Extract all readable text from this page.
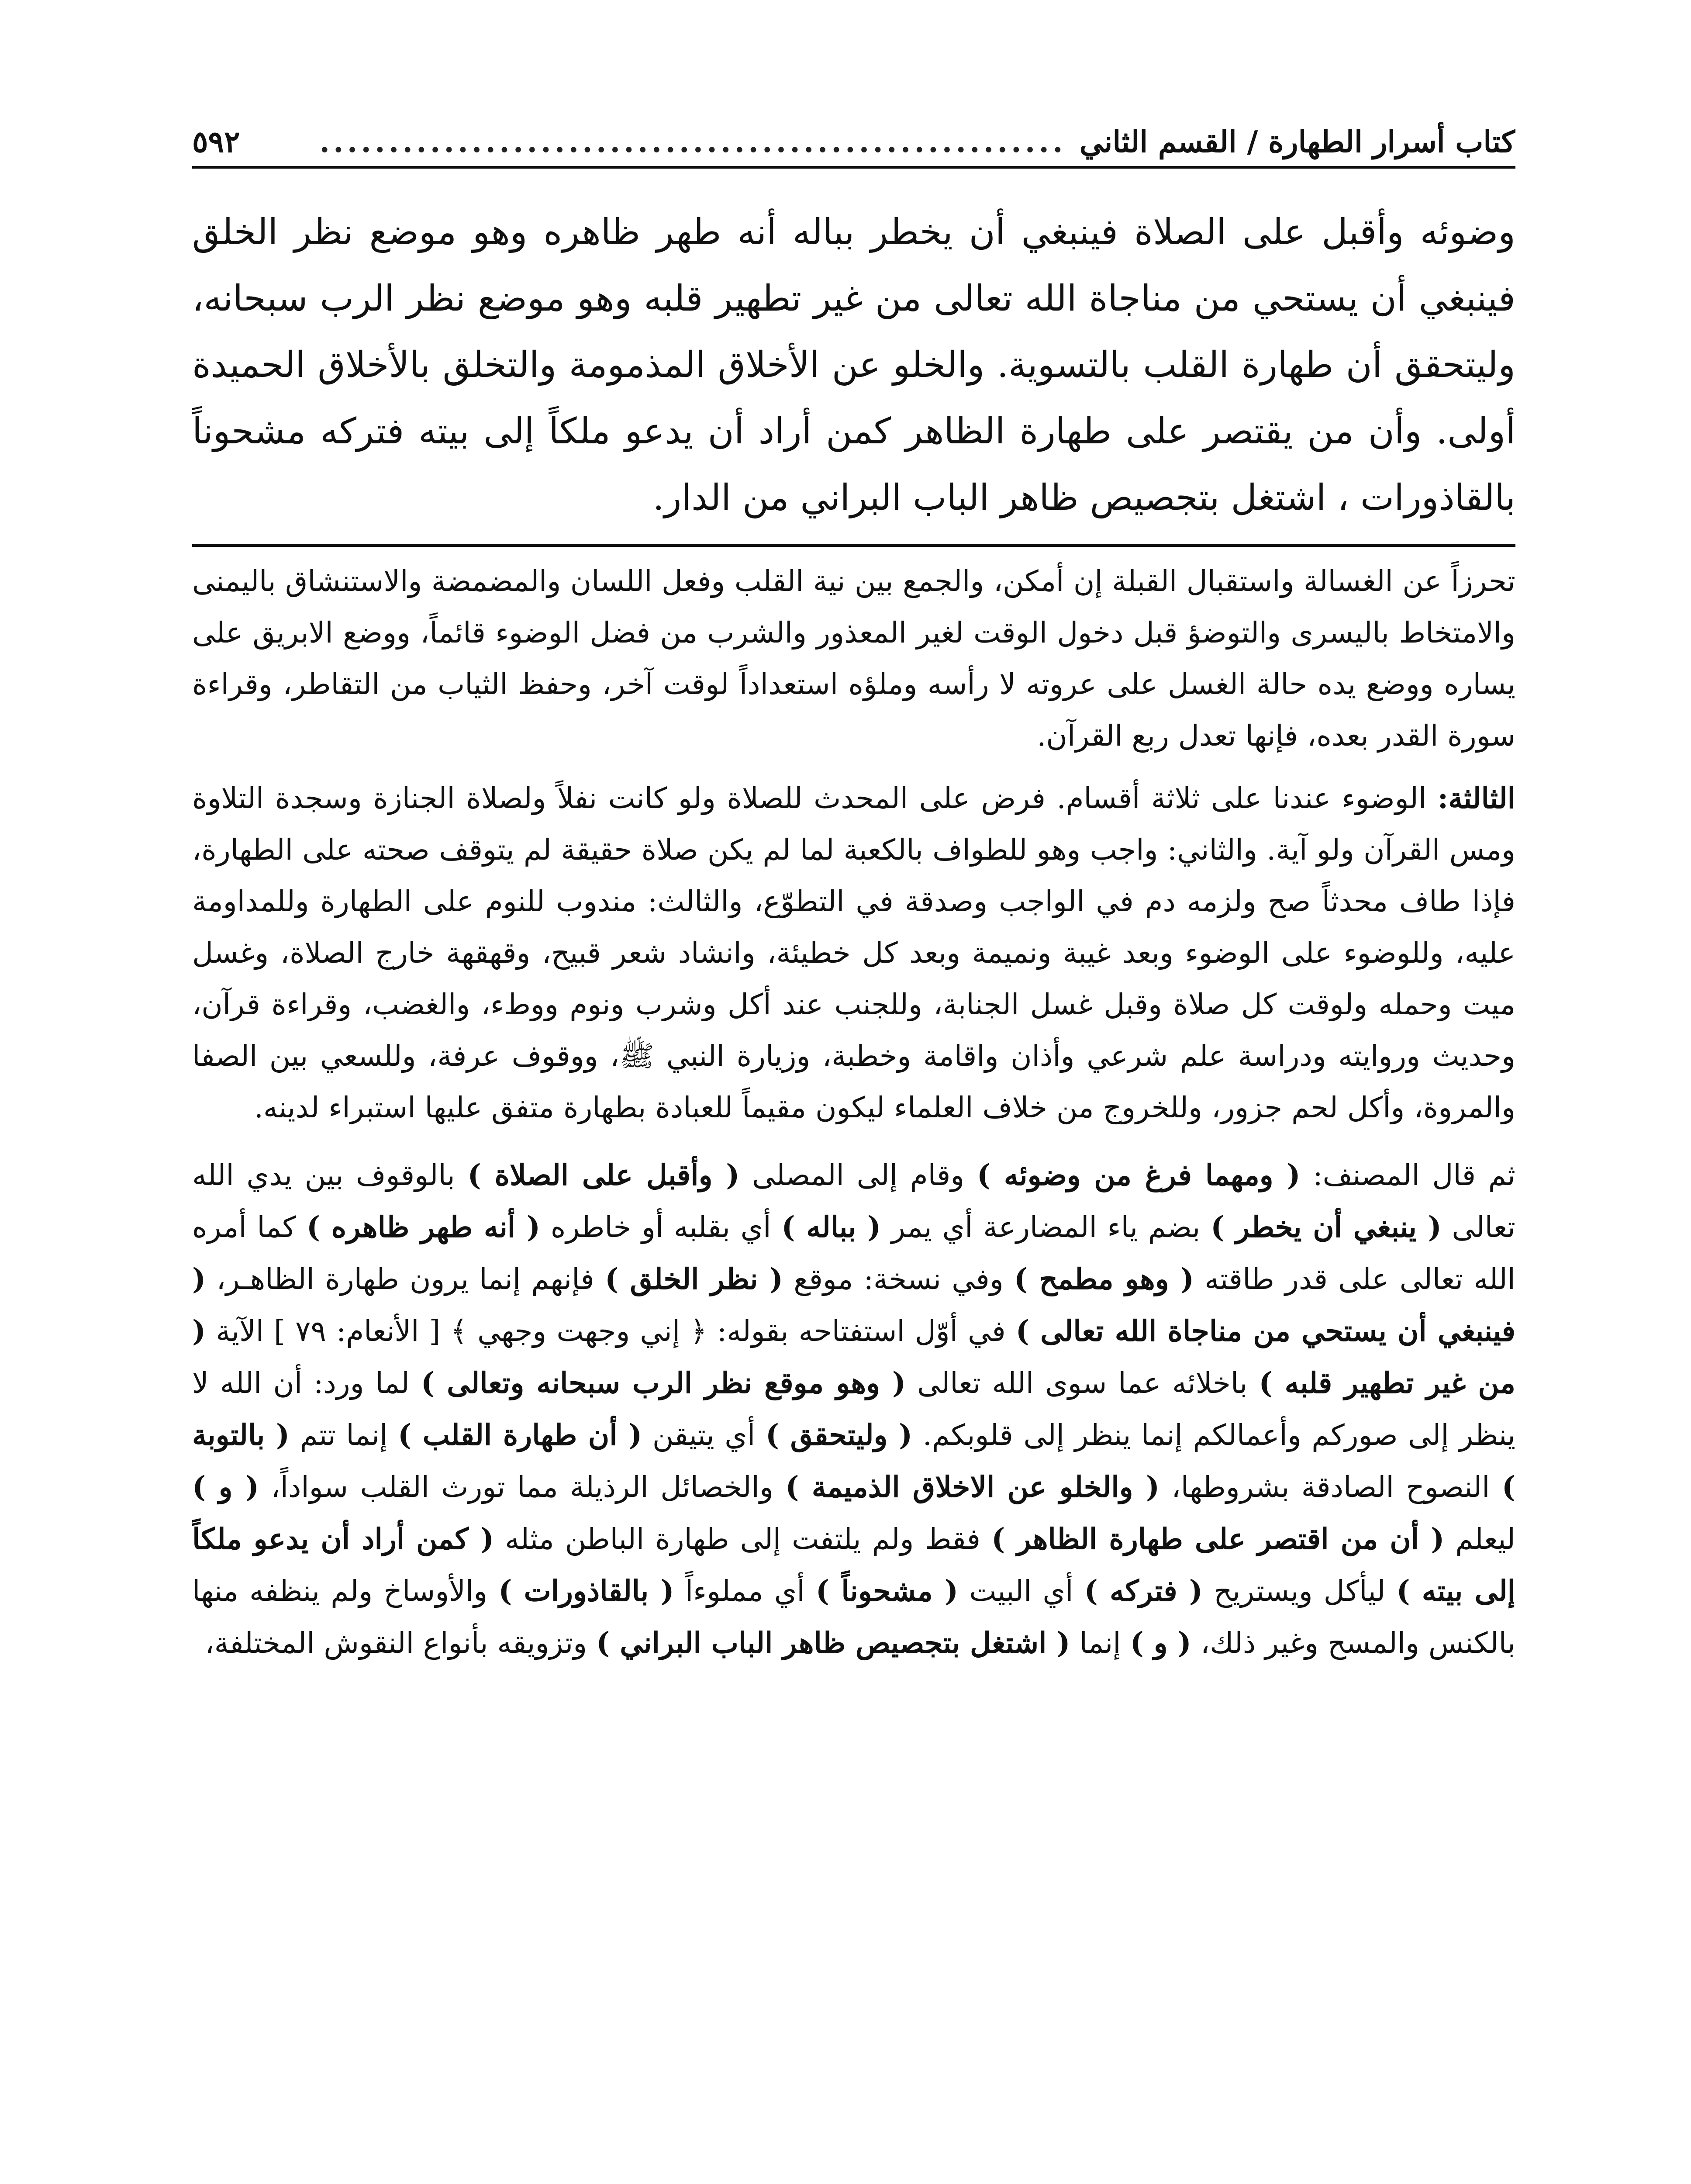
٥٩٢	...................................................... كتاب أسرار الطهارة / القسم الثاني

وضوئه وأقبل على الصلاة فينبغي أن يخطر بباله أنه طهر ظاهره وهو موضع نظر الخلق فينبغي أن يستحي من مناجاة الله تعالى من غير تطهير قلبه وهو موضع نظر الرب سبحانه، وليتحقق أن طهارة القلب بالتسوية. والخلو عن الأخلاق المذمومة والتخلق بالأخلاق الحميدة أولى. وأن من يقتصر على طهارة الظاهر كمن أراد أن يدعو ملكاً إلى بيته فتركه مشحوناً بالقاذورات ، اشتغل بتجصيص ظاهر الباب البراني من الدار.

تحرزاً عن الغسالة واستقبال القبلة إن أمكن، والجمع بين نية القلب وفعل اللسان والمضمضة والاستنشاق باليمنى والامتخاط باليسرى والتوضؤ قبل دخول الوقت لغير المعذور والشرب من فضل الوضوء قائماً، ووضع الابريق على يساره ووضع يده حالة الغسل على عروته لا رأسه وملؤه استعداداً لوقت آخر، وحفظ الثياب من التقاطر، وقراءة سورة القدر بعده، فإنها تعدل ربع القرآن.

الثالثة: الوضوء عندنا على ثلاثة أقسام. فرض على المحدث للصلاة ولو كانت نفلاً ولصلاة الجنازة وسجدة التلاوة ومس القرآن ولو آية. والثاني: واجب وهو للطواف بالكعبة لما لم يكن صلاة حقيقة لم يتوقف صحته على الطهارة، فإذا طاف محدثاً صح ولزمه دم في الواجب وصدقة في التطوّع، والثالث: مندوب للنوم على الطهارة وللمداومة عليه، وللوضوء على الوضوء وبعد غيبة ونميمة وبعد كل خطيئة، وانشاد شعر قبيح، وقهقهة خارج الصلاة، وغسل ميت وحمله ولوقت كل صلاة وقبل غسل الجنابة، وللجنب عند أكل وشرب ونوم ووطء، والغضب، وقراءة قرآن، وحديث وروايته ودراسة علم شرعي وأذان واقامة وخطبة، وزيارة النبي ﷺ، ووقوف عرفة، وللسعي بين الصفا والمروة، وأكل لحم جزور، وللخروج من خلاف العلماء ليكون مقيماً للعبادة بطهارة متفق عليها استبراء لدينه.

ثم قال المصنف: ( ومهما فرغ من وضوئه ) وقام إلى المصلى ( وأقبل على الصلاة ) بالوقوف بين يدي الله تعالى ( ينبغي أن يخطر ) بضم ياء المضارعة أي يمر ( بباله ) أي بقلبه أو خاطره ( أنه طهر ظاهره ) كما أمره الله تعالى على قدر طاقته ( وهو مطمح ) وفي نسخة: موقع ( نظر الخلق ) فإنهم إنما يرون طهارة الظاهـر، ( فينبغي أن يستحي من مناجاة الله تعالى ) في أوّل استفتاحه بقوله: ﴿ إني وجهت وجهي ﴾ [ الأنعام: ٧٩ ] الآية ( من غير تطهير قلبه ) باخلائه عما سوى الله تعالى ( وهو موقع نظر الرب سبحانه وتعالى ) لما ورد: أن الله لا ينظر إلى صوركم وأعمالكم إنما ينظر إلى قلوبكم. ( وليتحقق ) أي يتيقن ( أن طهارة القلب ) إنما تتم ( بالتوبة ) النصوح الصادقة بشروطها، ( والخلو عن الاخلاق الذميمة ) والخصائل الرذيلة مما تورث القلب سواداً، ( و ) ليعلم ( أن من اقتصر على طهارة الظاهر ) فقط ولم يلتفت إلى طهارة الباطن مثله ( كمن أراد أن يدعو ملكاً إلى بيته ) ليأكل ويستريح ( فتركه ) أي البيت ( مشحوناً ) أي مملوءاً ( بالقاذورات ) والأوساخ ولم ينظفه منها بالكنس والمسح وغير ذلك، ( و ) إنما ( اشتغل بتجصيص ظاهر الباب البراني ) وتزويقه بأنواع النقوش المختلفة،
